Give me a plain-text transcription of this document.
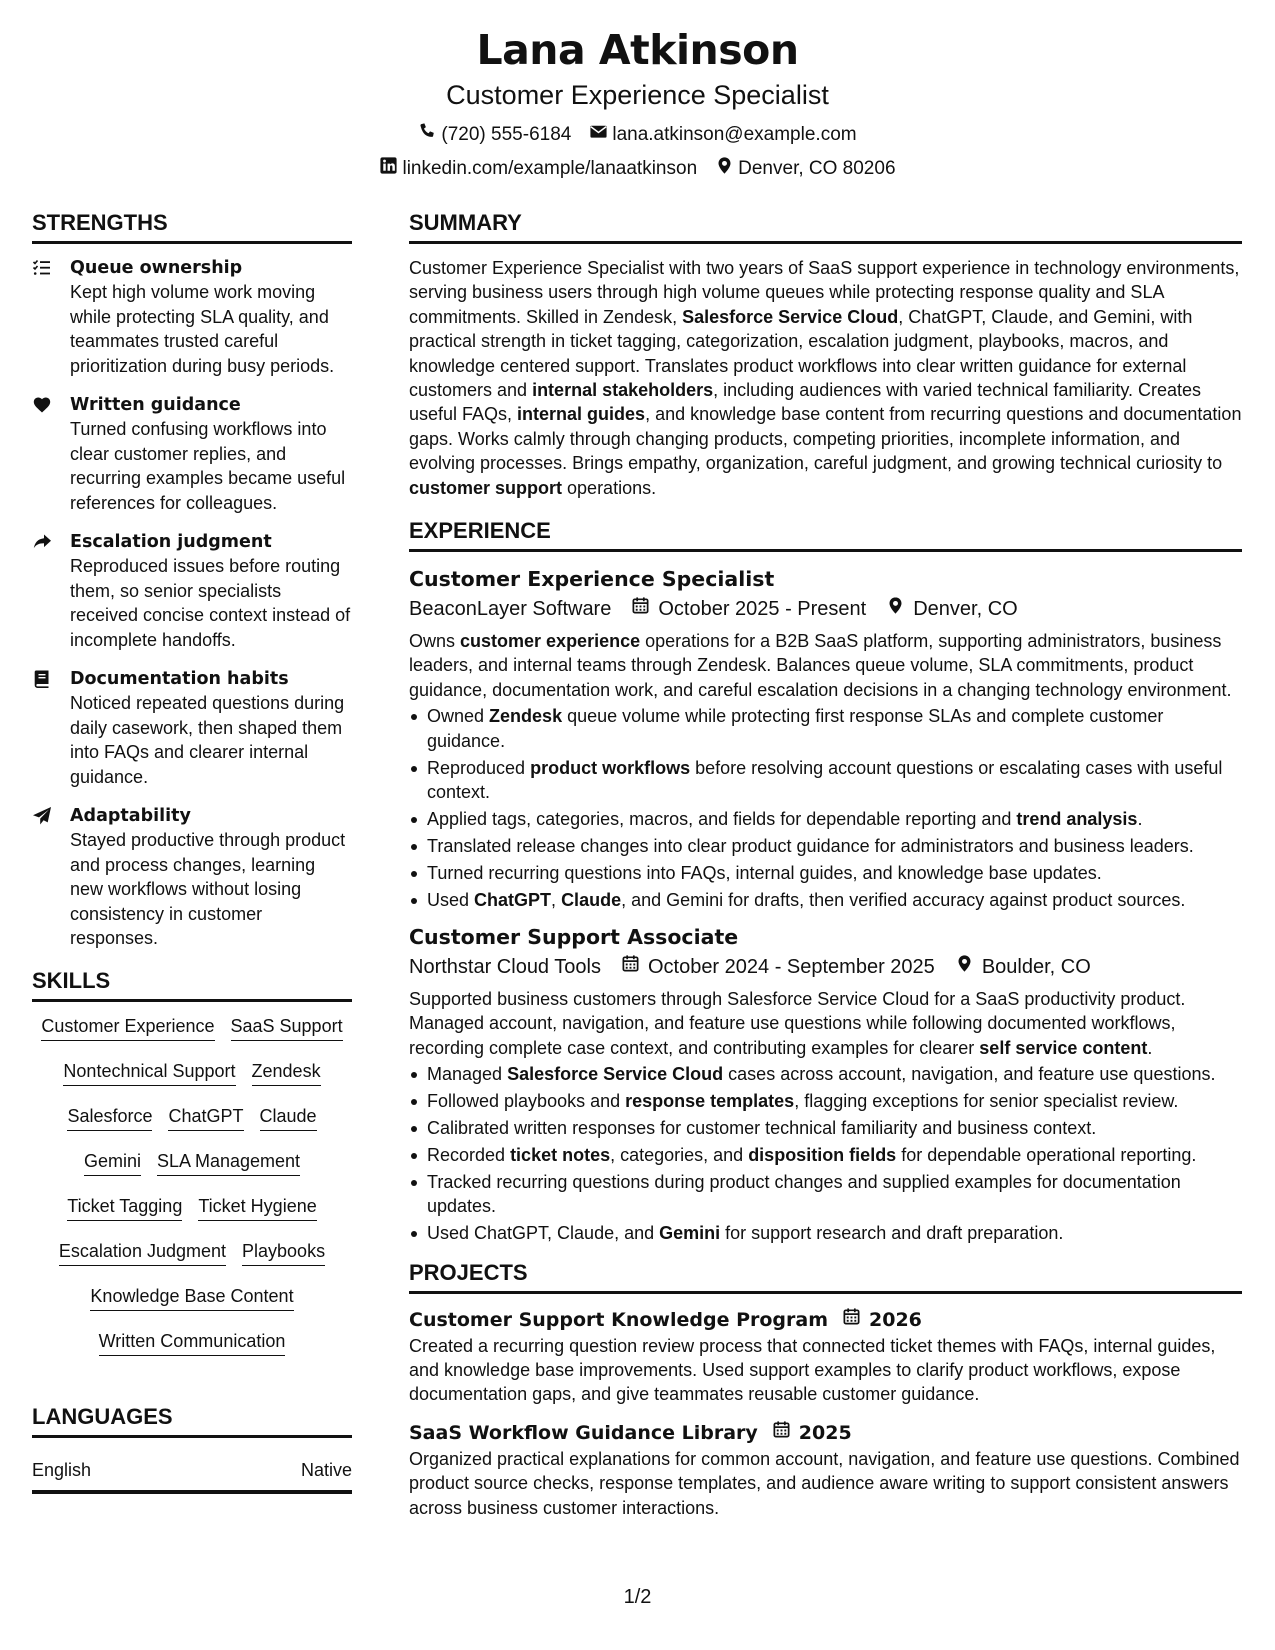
Lana Atkinson
Customer Experience Specialist
(720) 555-6184 lana.atkinson@example.com
linkedin.com/example/lanaatkinson Denver, CO 80206
STRENGTHS
Queue ownership
Kept high volume work moving while protecting SLA quality, and teammates trusted careful prioritization during busy periods.
Written guidance
Turned confusing workflows into clear customer replies, and recurring examples became useful references for colleagues.
Escalation judgment
Reproduced issues before routing them, so senior specialists received concise context instead of incomplete handoffs.
Documentation habits
Noticed repeated questions during daily casework, then shaped them into FAQs and clearer internal guidance.
Adaptability
Stayed productive through product and process changes, learning new workflows without losing consistency in customer responses.
SKILLS
Customer Experience SaaS Support
Nontechnical Support Zendesk
Salesforce ChatGPT Claude
Gemini SLA Management
Ticket Tagging Ticket Hygiene
Escalation Judgment Playbooks
Knowledge Base Content
Written Communication
LANGUAGES
English	Native
SUMMARY
Customer Experience Specialist with two years of SaaS support experience in technology environments, serving business users through high volume queues while protecting response quality and SLA commitments. Skilled in Zendesk, Salesforce Service Cloud, ChatGPT, Claude, and Gemini, with practical strength in ticket tagging, categorization, escalation judgment, playbooks, macros, and knowledge centered support. Translates product workflows into clear written guidance for external customers and internal stakeholders, including audiences with varied technical familiarity. Creates useful FAQs, internal guides, and knowledge base content from recurring questions and documentation gaps. Works calmly through changing products, competing priorities, incomplete information, and evolving processes. Brings empathy, organization, careful judgment, and growing technical curiosity to customer support operations.
EXPERIENCE
Customer Experience Specialist
BeaconLayer Software October 2025 - Present Denver, CO
Owns customer experience operations for a B2B SaaS platform, supporting administrators, business leaders, and internal teams through Zendesk. Balances queue volume, SLA commitments, product guidance, documentation work, and careful escalation decisions in a changing technology environment.
Owned Zendesk queue volume while protecting first response SLAs and complete customer guidance.
Reproduced product workflows before resolving account questions or escalating cases with useful context.
Applied tags, categories, macros, and fields for dependable reporting and trend analysis.
Translated release changes into clear product guidance for administrators and business leaders.
Turned recurring questions into FAQs, internal guides, and knowledge base updates.
Used ChatGPT, Claude, and Gemini for drafts, then verified accuracy against product sources.
Customer Support Associate
Northstar Cloud Tools October 2024 - September 2025 Boulder, CO
Supported business customers through Salesforce Service Cloud for a SaaS productivity product. Managed account, navigation, and feature use questions while following documented workflows, recording complete case context, and contributing examples for clearer self service content.
Managed Salesforce Service Cloud cases across account, navigation, and feature use questions.
Followed playbooks and response templates, flagging exceptions for senior specialist review.
Calibrated written responses for customer technical familiarity and business context.
Recorded ticket notes, categories, and disposition fields for dependable operational reporting.
Tracked recurring questions during product changes and supplied examples for documentation updates.
Used ChatGPT, Claude, and Gemini for support research and draft preparation.
PROJECTS
Customer Support Knowledge Program 2026
Created a recurring question review process that connected ticket themes with FAQs, internal guides, and knowledge base improvements. Used support examples to clarify product workflows, expose documentation gaps, and give teammates reusable customer guidance.
SaaS Workflow Guidance Library 2025
Organized practical explanations for common account, navigation, and feature use questions. Combined product source checks, response templates, and audience aware writing to support consistent answers across business customer interactions.
1/2
